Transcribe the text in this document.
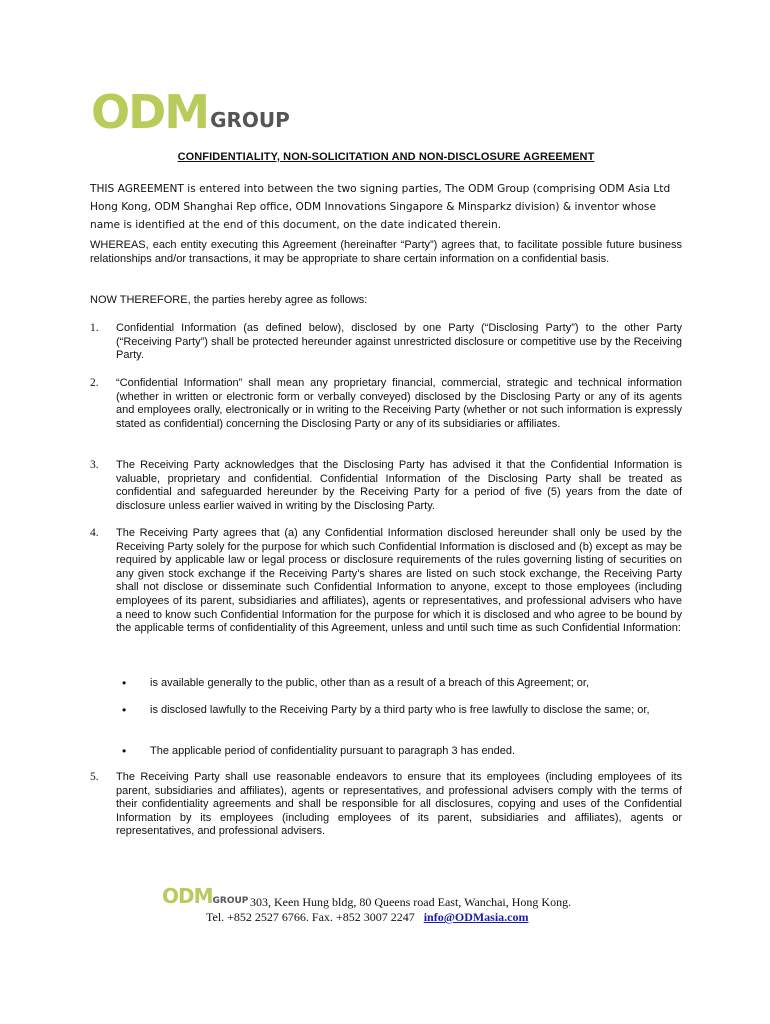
ODM GROUP
CONFIDENTIALITY, NON-SOLICITATION AND NON-DISCLOSURE AGREEMENT
THIS AGREEMENT is entered into between the two signing parties, The ODM Group (comprising ODM Asia Ltd Hong Kong, ODM Shanghai Rep office, ODM Innovations Singapore & Minsparkz division) & inventor whose name is identified at the end of this document, on the date indicated therein.
WHEREAS, each entity executing this Agreement (hereinafter “Party”) agrees that, to facilitate possible future business relationships and/or transactions, it may be appropriate to share certain information on a confidential basis.
NOW THEREFORE, the parties hereby agree as follows:
1. Confidential Information (as defined below), disclosed by one Party (“Disclosing Party”) to the other Party (“Receiving Party”) shall be protected hereunder against unrestricted disclosure or competitive use by the Receiving Party.
2. “Confidential Information” shall mean any proprietary financial, commercial, strategic and technical information (whether in written or electronic form or verbally conveyed) disclosed by the Disclosing Party or any of its agents and employees orally, electronically or in writing to the Receiving Party (whether or not such information is expressly stated as confidential) concerning the Disclosing Party or any of its subsidiaries or affiliates.
3. The Receiving Party acknowledges that the Disclosing Party has advised it that the Confidential Information is valuable, proprietary and confidential. Confidential Information of the Disclosing Party shall be treated as confidential and safeguarded hereunder by the Receiving Party for a period of five (5) years from the date of disclosure unless earlier waived in writing by the Disclosing Party.
4. The Receiving Party agrees that (a) any Confidential Information disclosed hereunder shall only be used by the Receiving Party solely for the purpose for which such Confidential Information is disclosed and (b) except as may be required by applicable law or legal process or disclosure requirements of the rules governing listing of securities on any given stock exchange if the Receiving Party’s shares are listed on such stock exchange, the Receiving Party shall not disclose or disseminate such Confidential Information to anyone, except to those employees (including employees of its parent, subsidiaries and affiliates), agents or representatives, and professional advisers who have a need to know such Confidential Information for the purpose for which it is disclosed and who agree to be bound by the applicable terms of confidentiality of this Agreement, unless and until such time as such Confidential Information:
• is available generally to the public, other than as a result of a breach of this Agreement; or,
• is disclosed lawfully to the Receiving Party by a third party who is free lawfully to disclose the same; or,
• The applicable period of confidentiality pursuant to paragraph 3 has ended.
5. The Receiving Party shall use reasonable endeavors to ensure that its employees (including employees of its parent, subsidiaries and affiliates), agents or representatives, and professional advisers comply with the terms of their confidentiality agreements and shall be responsible for all disclosures, copying and uses of the Confidential Information by its employees (including employees of its parent, subsidiaries and affiliates), agents or representatives, and professional advisers.
ODMGROUP 303, Keen Hung bldg, 80 Queens road East, Wanchai, Hong Kong.
Tel. +852 2527 6766. Fax. +852 3007 2247 info@ODMasia.com
